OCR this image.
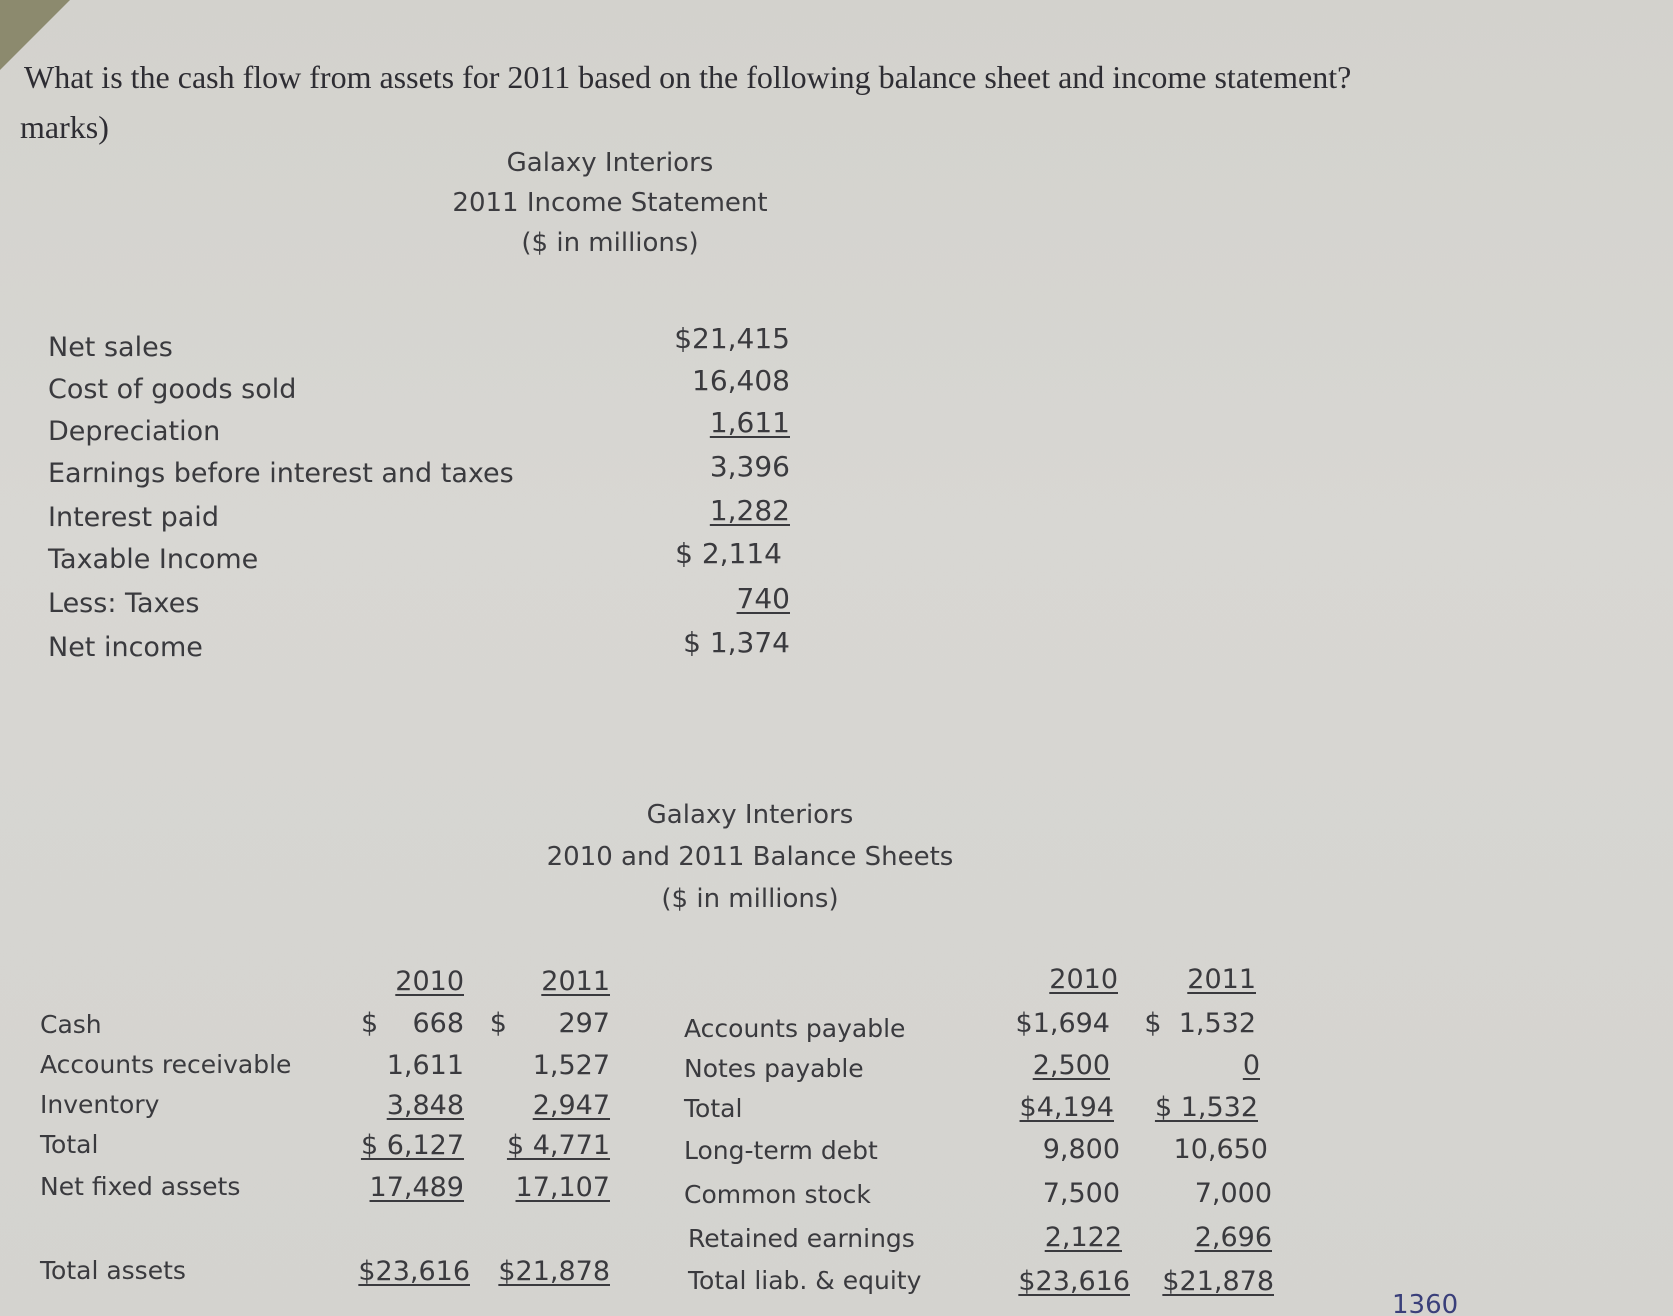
What is the cash flow from assets for 2011 based on the following balance sheet and income statement?
marks)
Galaxy Interiors
2011 Income Statement
($ in millions)
Net sales	$21,415
Cost of goods sold	16,408
Depreciation	1,611
Earnings before interest and taxes	3,396
Interest paid	1,282
Taxable Income	$ 2,114
Less: Taxes	740
Net income	$ 1,374
Galaxy Interiors
2010 and 2011 Balance Sheets
($ in millions)
2010	2011
Cash	$    668 $      297
Accounts receivable	1,611	1,527
Inventory	3,848	2,947
Total	$ 6,127	$ 4,771
Net fixed assets	17,489	17,107
Total assets	$23,616	$21,878
2010	2011
Accounts payable	$1,694	$  1,532
Notes payable	2,500	0
Total	$4,194	$ 1,532
Long-term debt	9,800	10,650
Common stock	7,500	7,000
Retained earnings	2,122	2,696
Total liab. & equity	$23,616	$21,878
1360
